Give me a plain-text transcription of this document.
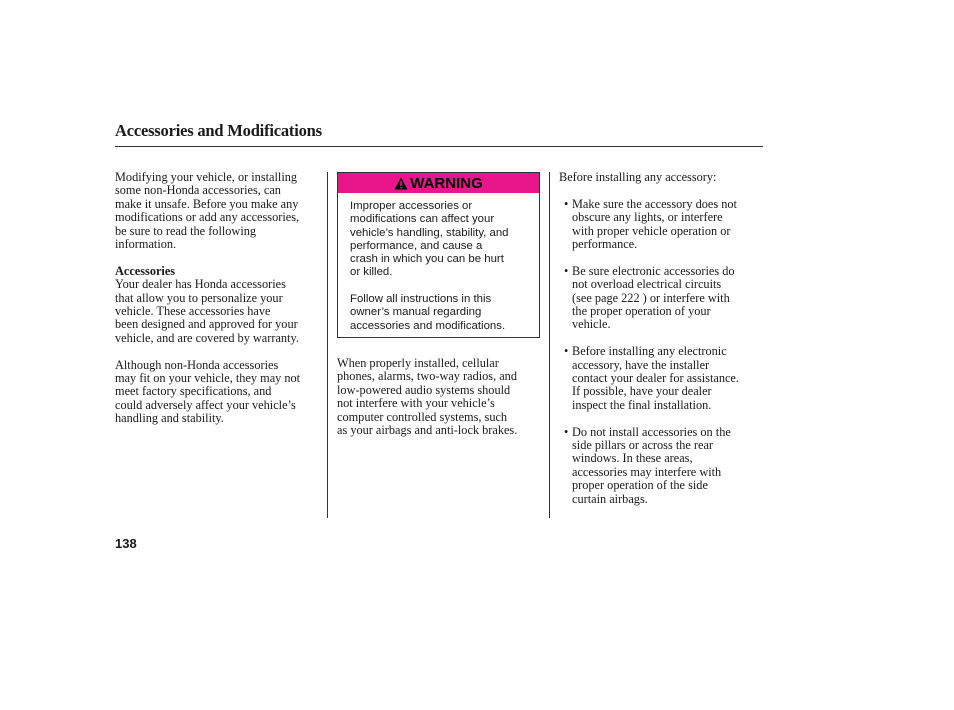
Accessories and Modifications

Modifying your vehicle, or installing
some non-Honda accessories, can
make it unsafe. Before you make any
modifications or add any accessories,
be sure to read the following
information.

Accessories

Your dealer has Honda accessories
that allow you to personalize your
vehicle. These accessories have
been designed and approved for your
vehicle, and are covered by warranty.

Although non-Honda accessories
may fit on your vehicle, they may not
meet factory specifications, and
could adversely affect your vehicle’s
handling and stability.

WARNING

Improper accessories or
modifications can affect your
vehicle’s handling, stability, and
performance, and cause a
crash in which you can be hurt
or killed.

Follow all instructions in this
owner’s manual regarding
accessories and modifications.

When properly installed, cellular
phones, alarms, two-way radios, and
low-powered audio systems should
not interfere with your vehicle’s
computer controlled systems, such
as your airbags and anti-lock brakes.

Before installing any accessory:

• Make sure the accessory does not
obscure any lights, or interfere
with proper vehicle operation or
performance.
• Be sure electronic accessories do
not overload electrical circuits
(see page 222 ) or interfere with
the proper operation of your
vehicle.
• Before installing any electronic
accessory, have the installer
contact your dealer for assistance.
If possible, have your dealer
inspect the final installation.
• Do not install accessories on the
side pillars or across the rear
windows. In these areas,
accessories may interfere with
proper operation of the side
curtain airbags.
138
